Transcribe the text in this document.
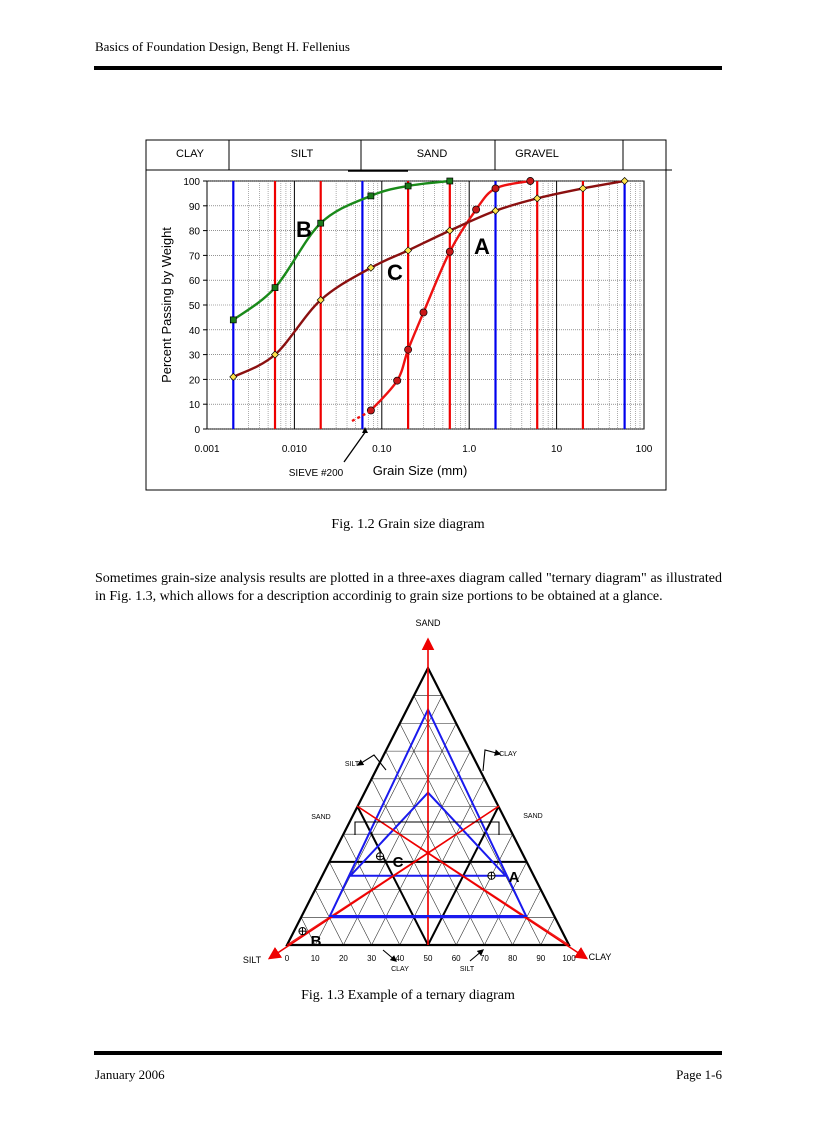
Basics of Foundation Design, Bengt H. Fellenius
CLAY	SILT	SAND	GRAVEL
0
10
20
30
40
50
60
70
80
90
100
0.001	0.010	0.10	1.0	10	100
Grain Size (mm)
Percent Passing by Weight
SIEVE #200
A
B
C
Fig. 1.2 Grain size diagram
Sometimes grain-size analysis results are plotted in a three-axes diagram called "ternary diagram" as illustrated in Fig. 1.3, which allows for a description accordinig to grain size portions to be obtained at a glance.
SAND
SILT	CLAY
0	10 20 30 40 50 60 70 80 90 100
SILT
CLAY
SAND	SAND
CLAY	SILT
A
B
C
Fig. 1.3 Example of a ternary diagram
January 2006	Page 1-6
